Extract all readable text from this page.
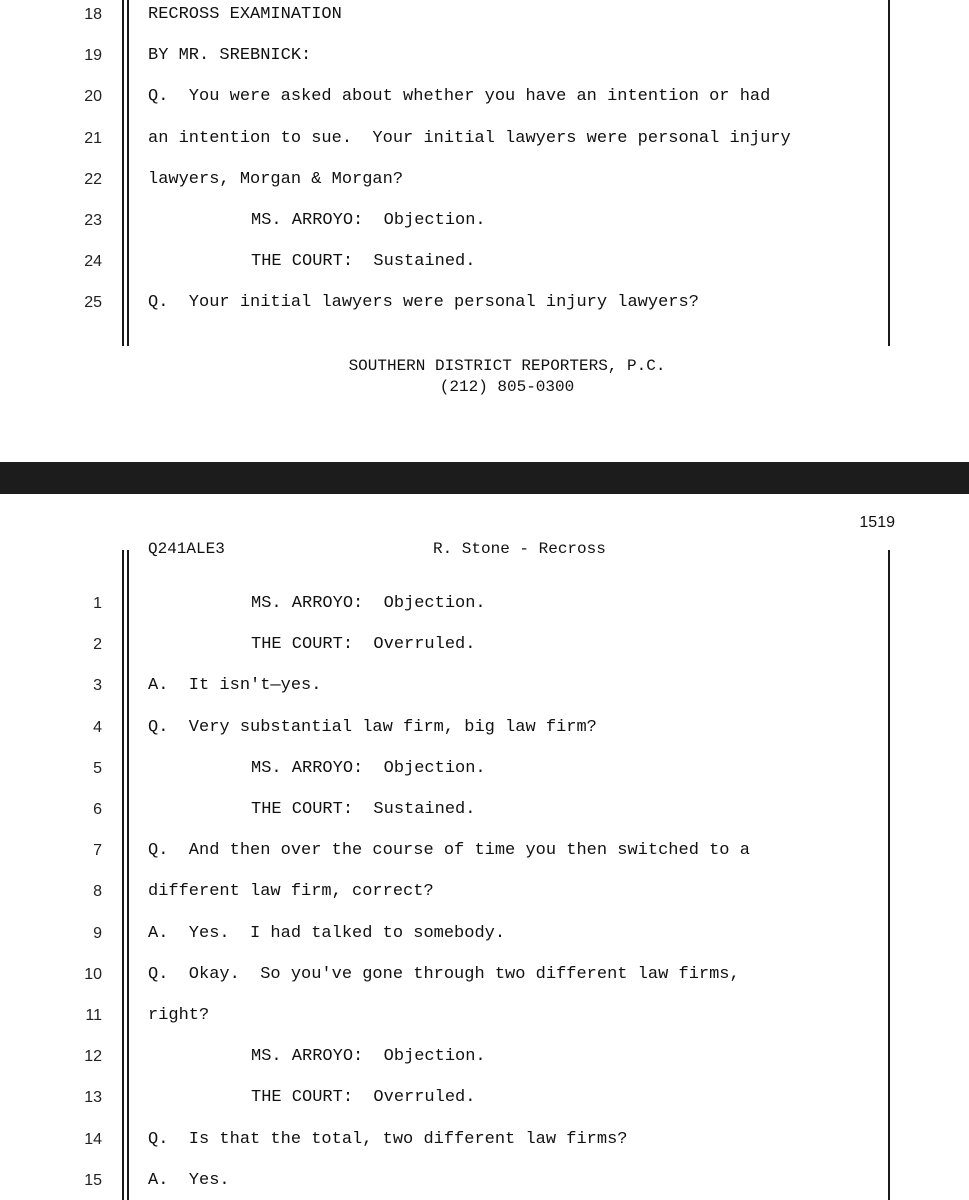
18	RECROSS EXAMINATION
19	BY MR. SREBNICK:
20	Q.  You were asked about whether you have an intention or had
21	an intention to sue.  Your initial lawyers were personal injury
22	lawyers, Morgan & Morgan?
23	MS. ARROYO:  Objection.
24	THE COURT:  Sustained.
25	Q.  Your initial lawyers were personal injury lawyers?
SOUTHERN DISTRICT REPORTERS, P.C.
(212) 805-0300
1519
Q241ALE3	R. Stone - Recross
1	MS. ARROYO:  Objection.
2	THE COURT:  Overruled.
3	A.  It isn't—yes.
4	Q.  Very substantial law firm, big law firm?
5	MS. ARROYO:  Objection.
6	THE COURT:  Sustained.
7	Q.  And then over the course of time you then switched to a
8	different law firm, correct?
9	A.  Yes.  I had talked to somebody.
10	Q.  Okay.  So you've gone through two different law firms,
11	right?
12	MS. ARROYO:  Objection.
13	THE COURT:  Overruled.
14	Q.  Is that the total, two different law firms?
15	A.  Yes.
